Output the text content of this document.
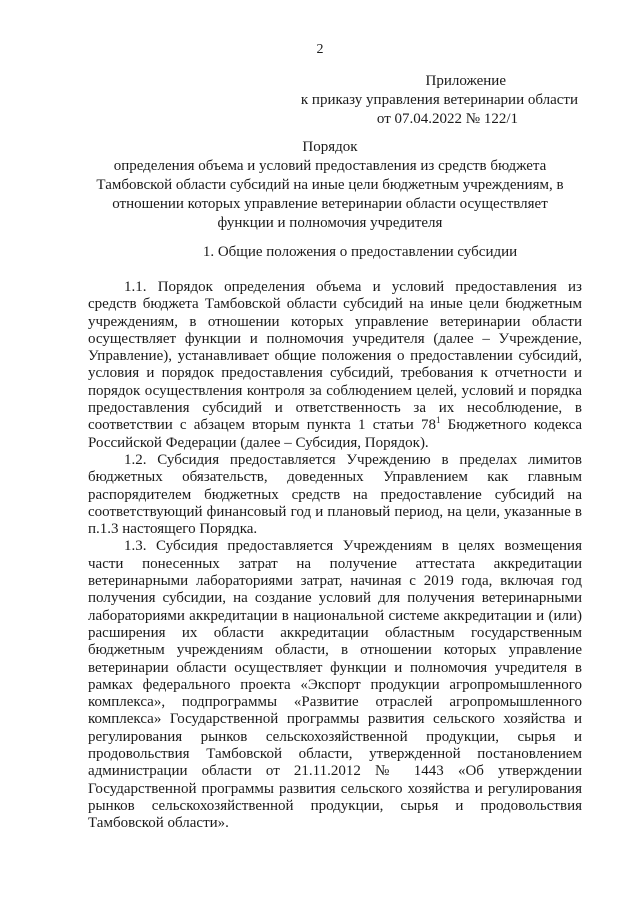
2
Приложение
к приказу управления ветеринарии области
от 07.04.2022 № 122/1
Порядок
определения объема и условий предоставления из средств бюджета
Тамбовской области субсидий на иные цели бюджетным учреждениям, в
отношении которых управление ветеринарии области осуществляет
функции и полномочия учредителя
1. Общие положения о предоставлении субсидии

1.1. Порядок определения объема и условий предоставления из средств бюджета Тамбовской области субсидий на иные цели бюджетным учреждениям, в отношении которых управление ветеринарии области осуществляет функции и полномочия учредителя (далее – Учреждение, Управление), устанавливает общие положения о предоставлении субсидий, условия и порядок предоставления субсидий, требования к отчетности и порядок осуществления контроля за соблюдением целей, условий и порядка предоставления субсидий и ответственность за их несоблюдение, в соответствии с абзацем вторым пункта 1 статьи $78^1$ Бюджетного кодекса Российской Федерации (далее – Субсидия, Порядок).

1.2. Субсидия предоставляется Учреждению в пределах лимитов бюджетных обязательств, доведенных Управлением как главным распорядителем бюджетных средств на предоставление субсидий на соответствующий финансовый год и плановый период, на цели, указанные в п.1.3 настоящего Порядка.

1.3. Субсидия предоставляется Учреждениям в целях возмещения части понесенных затрат на получение аттестата аккредитации ветеринарными лабораториями затрат, начиная с 2019 года, включая год получения субсидии, на создание условий для получения ветеринарными лабораториями аккредитации в национальной системе аккредитации и (или) расширения их области аккредитации областным государственным бюджетным учреждениям области, в отношении которых управление ветеринарии области осуществляет функции и полномочия учредителя в рамках федерального проекта «Экспорт продукции агропромышленного комплекса», подпрограммы «Развитие отраслей агропромышленного комплекса» Государственной программы развития сельского хозяйства и регулирования рынков сельскохозяйственной продукции, сырья и продовольствия Тамбовской области, утвержденной постановлением администрации области от 21.11.2012 № 1443 «Об утверждении Государственной программы развития сельского хозяйства и регулирования рынков сельскохозяйственной продукции, сырья и продовольствия Тамбовской области».
